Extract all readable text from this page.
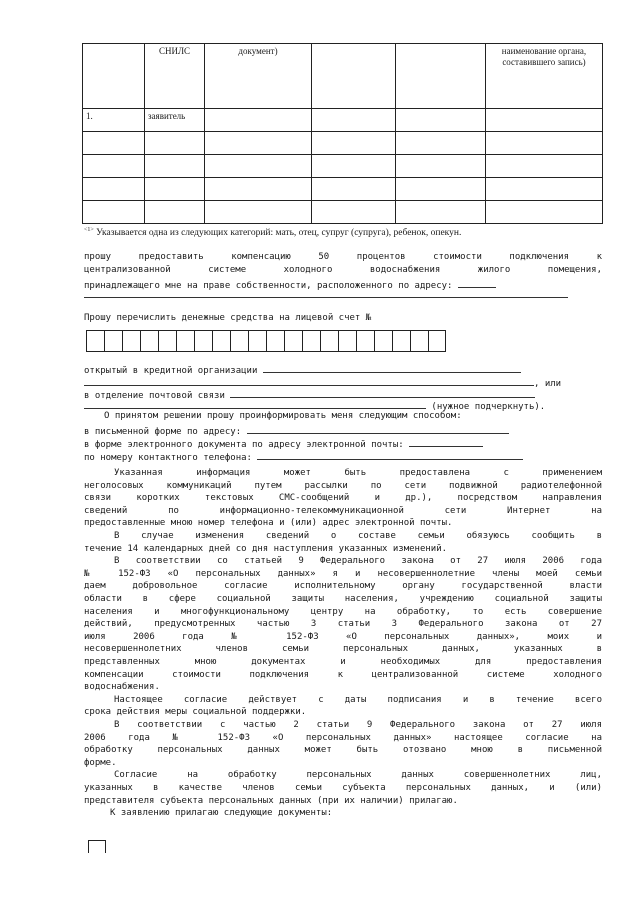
	СНИЛС	документ)			наименование органа, составившего запись)
1.	заявитель				

$^{<1>}$ Указывается одна из следующих категорий: мать, отец, супруг (супруга), ребенок, опекун.
прошу предоставить компенсацию 50 процентов стоимости подключения к
централизованной системе холодного водоснабжения жилого помещения,
принадлежащего мне на праве собственности, расположенного по адресу:
Прошу перечислить денежные средства на лицевой счет №
открытый в кредитной организации
, или
в отделение почтовой связи
(нужное подчеркнуть).
О принятом решении прошу проинформировать меня следующим способом:
в письменной форме по адресу:
в форме электронного документа по адресу электронной почты:
по номеру контактного телефона:
Указанная информация может быть предоставлена с применением
неголосовых коммуникаций путем рассылки по сети подвижной радиотелефонной
связи коротких текстовых СМС-сообщений и др.), посредством направления
сведений по информационно-телекоммуникационной сети Интернет на
предоставленные мною номер телефона и (или) адрес электронной почты.
В случае изменения сведений о составе семьи обязуюсь сообщить в
течение 14 календарных дней со дня наступления указанных изменений.
В соответствии со статьей 9 Федерального закона от 27 июля 2006 года
№ 152-ФЗ «О персональных данных» я и несовершеннолетние члены моей семьи
даем добровольное согласие исполнительному органу государственной власти
области в сфере социальной защиты населения, учреждению социальной защиты
населения и многофункциональному центру на обработку, то есть совершение
действий, предусмотренных частью 3 статьи 3 Федерального закона от 27
июля 2006 года № 152-ФЗ «О персональных данных», моих и
несовершеннолетних членов семьи персональных данных, указанных в
представленных мною документах и необходимых для предоставления
компенсации стоимости подключения к централизованной системе холодного
водоснабжения.
Настоящее согласие действует с даты подписания и в течение всего
срока действия меры социальной поддержки.
В соответствии с частью 2 статьи 9 Федерального закона от 27 июля
2006 года № 152-ФЗ «О персональных данных» настоящее согласие на
обработку персональных данных может быть отозвано мною в письменной
форме.
Согласие на обработку персональных данных совершеннолетних лиц,
указанных в качестве членов семьи субъекта персональных данных, и (или)
представителя субъекта персональных данных (при их наличии) прилагаю.
К заявлению прилагаю следующие документы:
